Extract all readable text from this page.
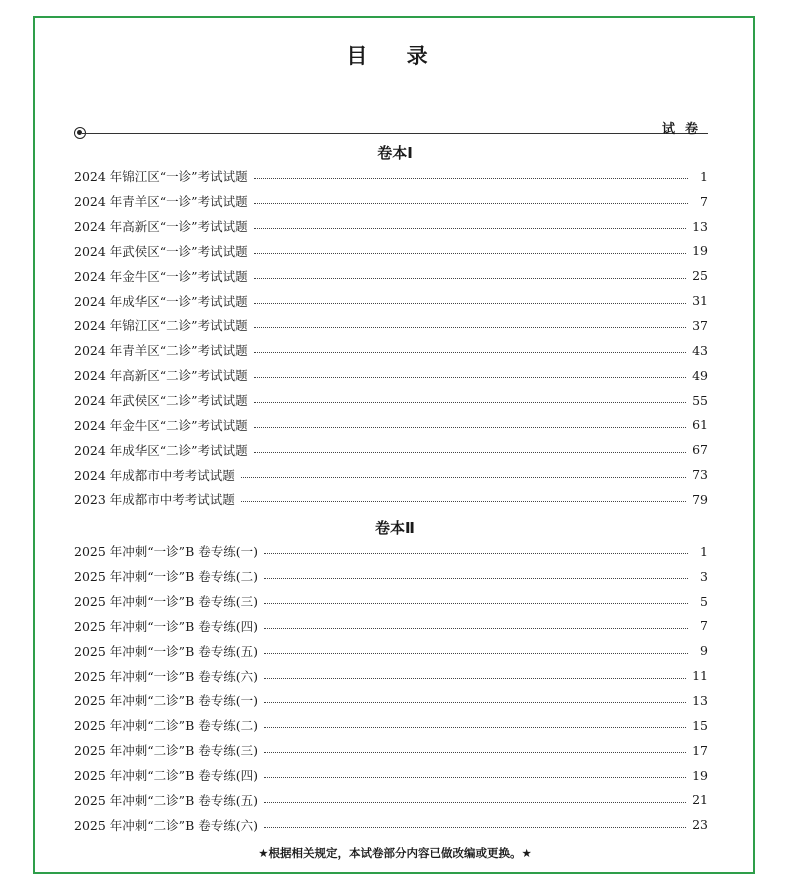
目 录
试卷
卷本Ⅰ
2024 年锦江区“一诊”考试试题	1
2024 年青羊区“一诊”考试试题	7
2024 年高新区“一诊”考试试题	13
2024 年武侯区“一诊”考试试题	19
2024 年金牛区“一诊”考试试题	25
2024 年成华区“一诊”考试试题	31
2024 年锦江区“二诊”考试试题	37
2024 年青羊区“二诊”考试试题	43
2024 年高新区“二诊”考试试题	49
2024 年武侯区“二诊”考试试题	55
2024 年金牛区“二诊”考试试题	61
2024 年成华区“二诊”考试试题	67
2024 年成都市中考考试试题	73
2023 年成都市中考考试试题	79
卷本Ⅱ
2025 年冲刺“一诊”B 卷专练(一)	1
2025 年冲刺“一诊”B 卷专练(二)	3
2025 年冲刺“一诊”B 卷专练(三)	5
2025 年冲刺“一诊”B 卷专练(四)	7
2025 年冲刺“一诊”B 卷专练(五)	9
2025 年冲刺“一诊”B 卷专练(六)	11
2025 年冲刺“二诊”B 卷专练(一)	13
2025 年冲刺“二诊”B 卷专练(二)	15
2025 年冲刺“二诊”B 卷专练(三)	17
2025 年冲刺“二诊”B 卷专练(四)	19
2025 年冲刺“二诊”B 卷专练(五)	21
2025 年冲刺“二诊”B 卷专练(六)	23
★根据相关规定，本试卷部分内容已做改编或更换。★
